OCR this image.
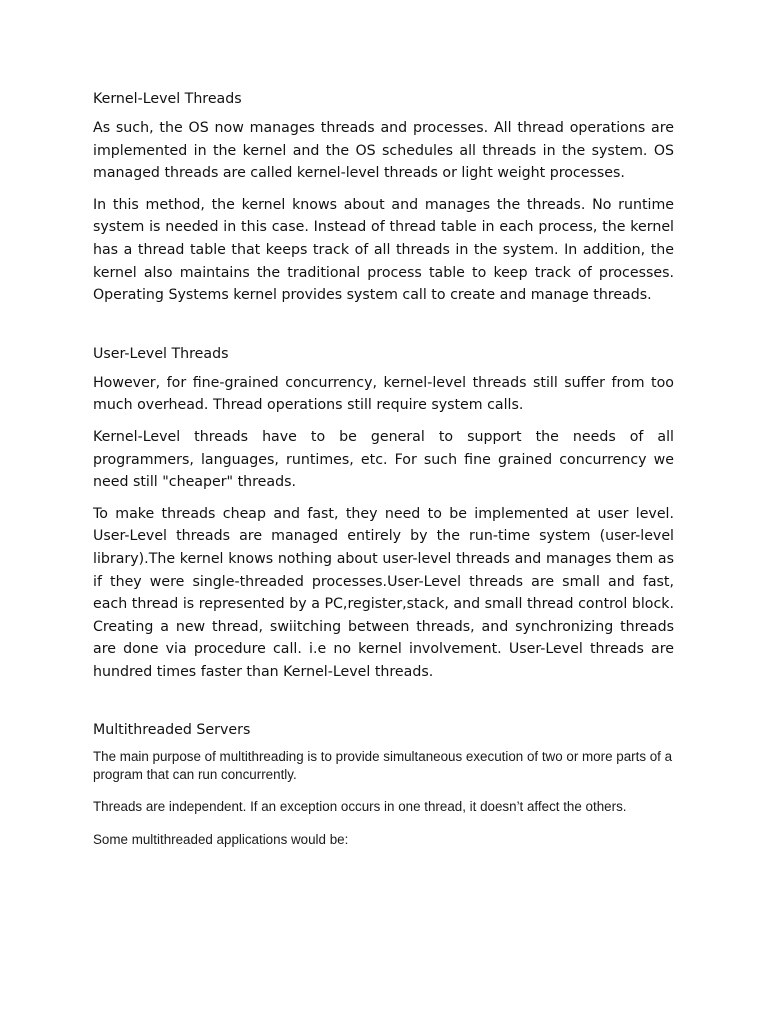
Kernel-Level Threads

As such, the OS now manages threads and processes. All thread operations are implemented in the kernel and the OS schedules all threads in the system. OS managed threads are called kernel-level threads or light weight processes.

In this method, the kernel knows about and manages the threads. No runtime system is needed in this case. Instead of thread table in each process, the kernel has a thread table that keeps track of all threads in the system. In addition, the kernel also maintains the traditional process table to keep track of processes. Operating Systems kernel provides system call to create and manage threads.

User-Level Threads

However, for fine-grained concurrency, kernel-level threads still suffer from too much overhead. Thread operations still require system calls.

Kernel-Level threads have to be general to support the needs of all programmers, languages, runtimes, etc. For such fine grained concurrency we need still "cheaper" threads.

To make threads cheap and fast, they need to be implemented at user level. User-Level threads are managed entirely by the run-time system (user-level library).The kernel knows nothing about user-level threads and manages them as if they were single-threaded processes.User-Level threads are small and fast, each thread is represented by a PC,register,stack, and small thread control block. Creating a new thread, swiitching between threads, and synchronizing threads are done via procedure call. i.e no kernel involvement. User-Level threads are hundred times faster than Kernel-Level threads.

Multithreaded Servers

The main purpose of multithreading is to provide simultaneous execution of two or more parts of a program that can run concurrently.

Threads are independent. If an exception occurs in one thread, it doesn’t affect the others.

Some multithreaded applications would be:
